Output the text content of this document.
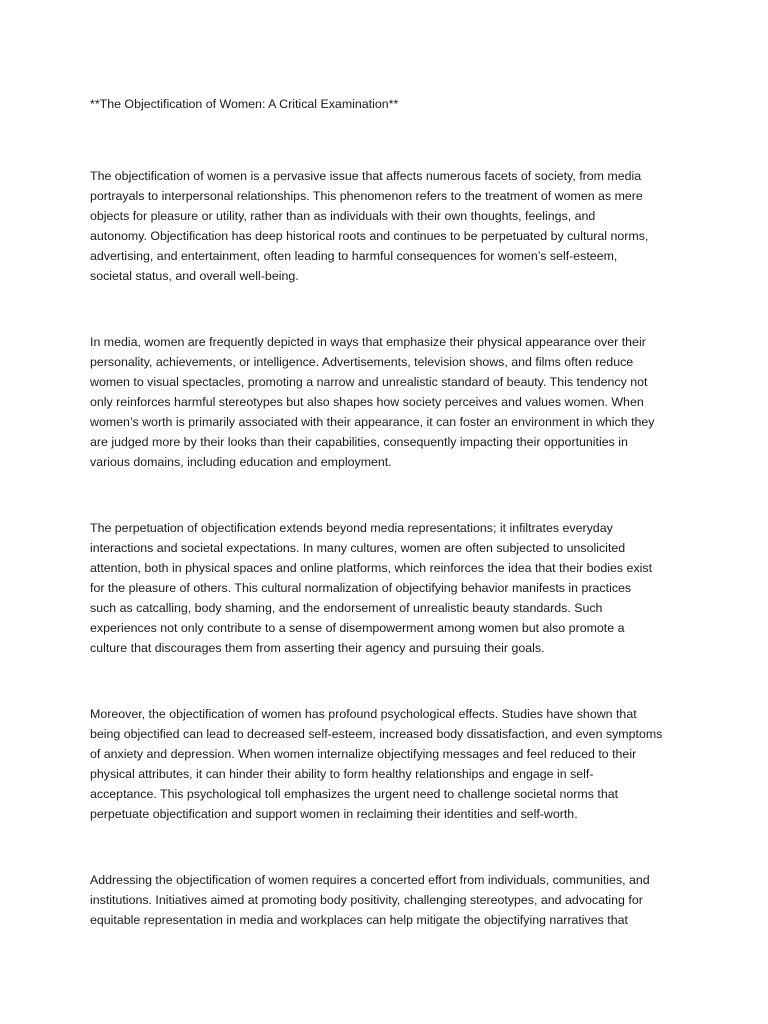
**The Objectification of Women: A Critical Examination**

The objectification of women is a pervasive issue that affects numerous facets of society, from media
portrayals to interpersonal relationships. This phenomenon refers to the treatment of women as mere
objects for pleasure or utility, rather than as individuals with their own thoughts, feelings, and
autonomy. Objectification has deep historical roots and continues to be perpetuated by cultural norms,
advertising, and entertainment, often leading to harmful consequences for women’s self-esteem,
societal status, and overall well-being.

In media, women are frequently depicted in ways that emphasize their physical appearance over their
personality, achievements, or intelligence. Advertisements, television shows, and films often reduce
women to visual spectacles, promoting a narrow and unrealistic standard of beauty. This tendency not
only reinforces harmful stereotypes but also shapes how society perceives and values women. When
women’s worth is primarily associated with their appearance, it can foster an environment in which they
are judged more by their looks than their capabilities, consequently impacting their opportunities in
various domains, including education and employment.

The perpetuation of objectification extends beyond media representations; it infiltrates everyday
interactions and societal expectations. In many cultures, women are often subjected to unsolicited
attention, both in physical spaces and online platforms, which reinforces the idea that their bodies exist
for the pleasure of others. This cultural normalization of objectifying behavior manifests in practices
such as catcalling, body shaming, and the endorsement of unrealistic beauty standards. Such
experiences not only contribute to a sense of disempowerment among women but also promote a
culture that discourages them from asserting their agency and pursuing their goals.

Moreover, the objectification of women has profound psychological effects. Studies have shown that
being objectified can lead to decreased self-esteem, increased body dissatisfaction, and even symptoms
of anxiety and depression. When women internalize objectifying messages and feel reduced to their
physical attributes, it can hinder their ability to form healthy relationships and engage in self-
acceptance. This psychological toll emphasizes the urgent need to challenge societal norms that
perpetuate objectification and support women in reclaiming their identities and self-worth.

Addressing the objectification of women requires a concerted effort from individuals, communities, and
institutions. Initiatives aimed at promoting body positivity, challenging stereotypes, and advocating for
equitable representation in media and workplaces can help mitigate the objectifying narratives that
